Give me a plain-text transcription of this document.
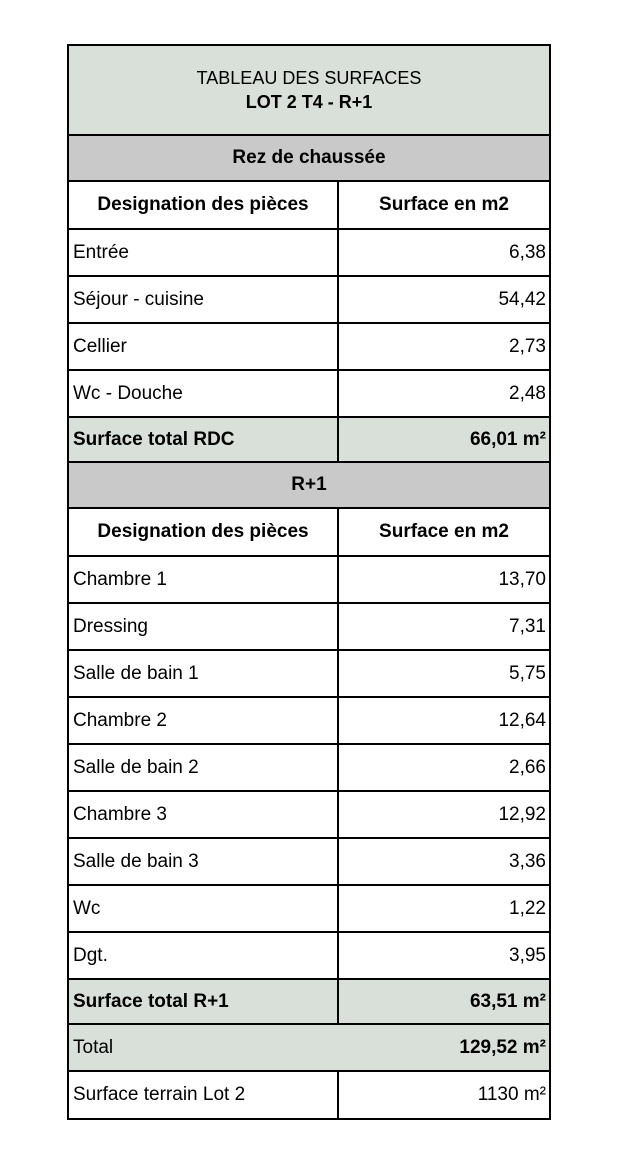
TABLEAU DES SURFACES
LOT 2 T4 - R+1
Rez de chaussée
Designation des pièces	Surface en m2
Entrée	6,38
Séjour - cuisine	54,42
Cellier	2,73
Wc - Douche	2,48
Surface total RDC	66,01 m²
R+1
Designation des pièces	Surface en m2
Chambre 1	13,70
Dressing	7,31
Salle de bain 1	5,75
Chambre 2	12,64
Salle de bain 2	2,66
Chambre 3	12,92
Salle de bain 3	3,36
Wc	1,22
Dgt.	3,95
Surface total R+1	63,51 m²
Total	129,52 m²
Surface terrain Lot 2	1130 m²
